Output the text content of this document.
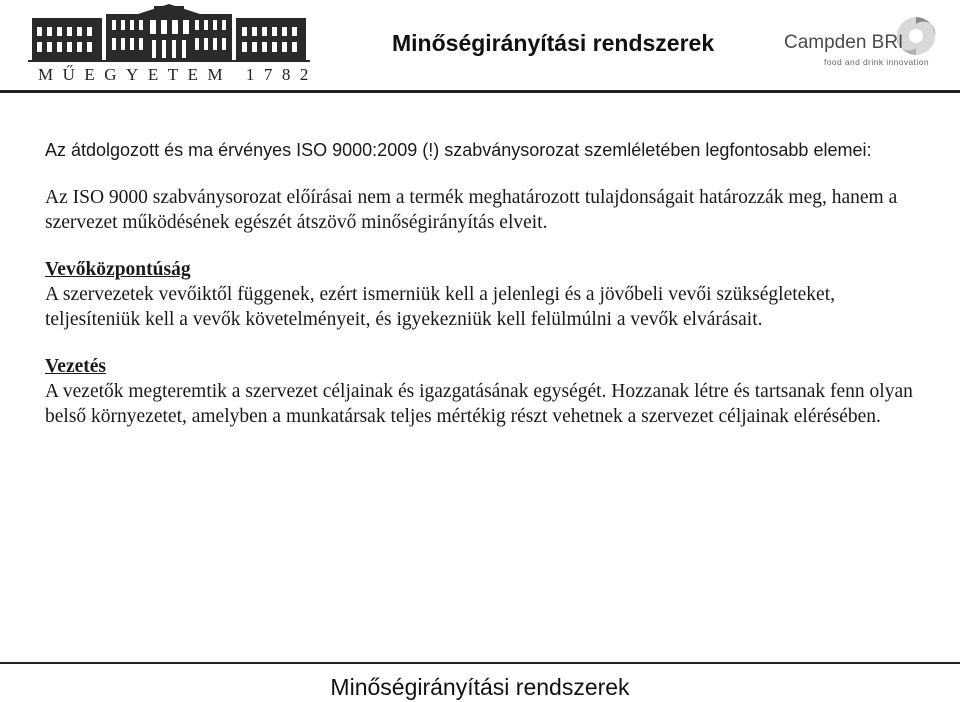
MŰEGYETEM 1782
Minőségirányítási rendszerek	Campden BRI
food and drink innovation

Az átdolgozott és ma érvényes ISO 9000:2009 (!) szabványsorozat szemléletében legfontosabb elemei:

Az ISO 9000 szabványsorozat előírásai nem a termék meghatározott tulajdonságait határozzák meg, hanem a szervezet működésének egészét átszövő minőségirányítás elveit.

Vevőközpontúság

A szervezetek vevőiktől függenek, ezért ismerniük kell a jelenlegi és a jövőbeli vevői szükségleteket, teljesíteniük kell a vevők követelményeit, és igyekezniük kell felülmúlni a vevők elvárásait.

Vezetés

A vezetők megteremtik a szervezet céljainak és igazgatásának egységét. Hozzanak létre és tartsanak fenn olyan belső környezetet, amelyben a munkatársak teljes mértékig részt vehetnek a szervezet céljainak elérésében.

Minőségirányítási rendszerek
